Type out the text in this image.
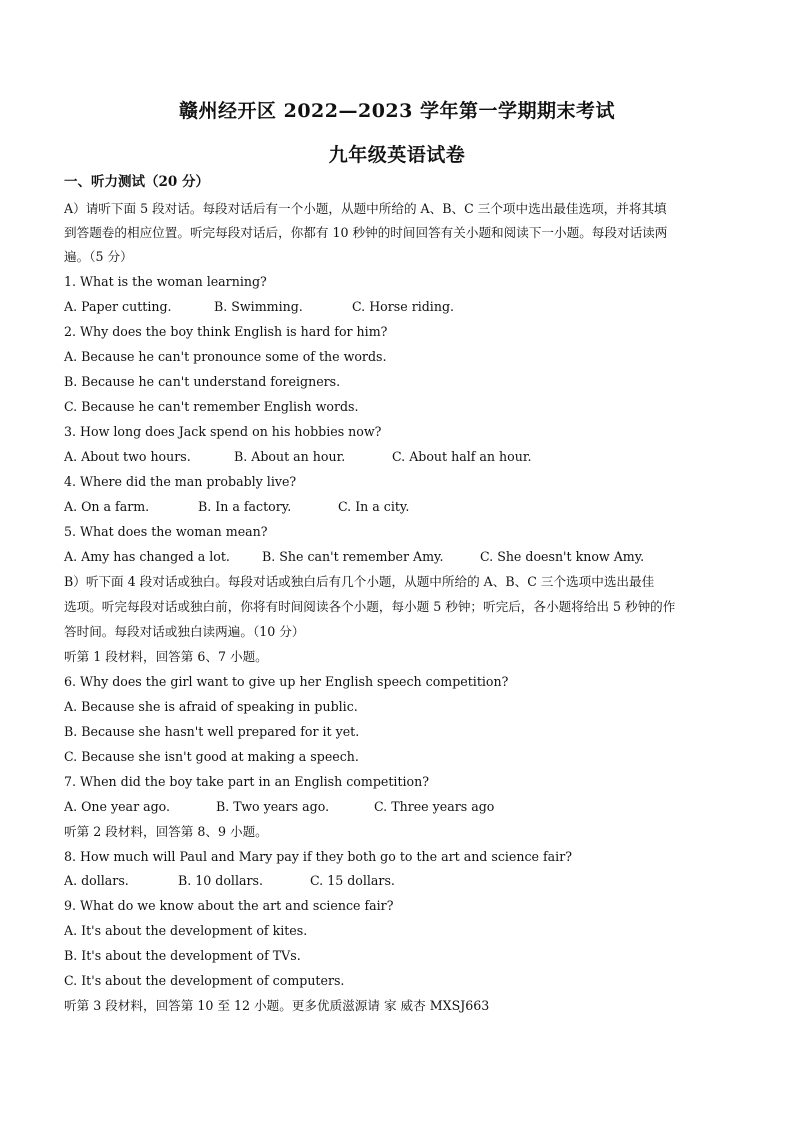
赣州经开区 2022—2023 学年第一学期期末考试
九年级英语试卷
一、听力测试（20 分）
A）请听下面 5 段对话。每段对话后有一个小题，从题中所给的 A、B、C 三个项中选出最佳选项，并将其填
到答题卷的相应位置。听完每段对话后，你都有 10 秒钟的时间回答有关小题和阅读下一小题。每段对话读两
遍。（5 分）
1. What is the woman learning?
A. Paper cutting.	B. Swimming.	C. Horse riding.
2. Why does the boy think English is hard for him?
A. Because he can't pronounce some of the words.
B. Because he can't understand foreigners.
C. Because he can't remember English words.
3. How long does Jack spend on his hobbies now?
A. About two hours.	B. About an hour.	C. About half an hour.
4. Where did the man probably live?
A. On a farm.	B. In a factory.	C. In a city.
5. What does the woman mean?
A. Amy has changed a lot.	B. She can't remember Amy.	C. She doesn't know Amy.
B）听下面 4 段对话或独白。每段对话或独白后有几个小题，从题中所给的 A、B、C 三个选项中选出最佳
选项。听完每段对话或独白前，你将有时间阅读各个小题，每小题 5 秒钟；听完后，各小题将给出 5 秒钟的作
答时间。每段对话或独白读两遍。（10 分）
听第 1 段材料，回答第 6、7 小题。
6. Why does the girl want to give up her English speech competition?
A. Because she is afraid of speaking in public.
B. Because she hasn't well prepared for it yet.
C. Because she isn't good at making a speech.
7. When did the boy take part in an English competition?
A. One year ago.	B. Two years ago.	C. Three years ago
听第 2 段材料，回答第 8、9 小题。
8. How much will Paul and Mary pay if they both go to the art and science fair?
A. dollars.	B. 10 dollars.	C. 15 dollars.
9. What do we know about the art and science fair?
A. It's about the development of kites.
B. It's about the development of TVs.
C. It's about the development of computers.
听第 3 段材料，回答第 10 至 12 小题。更多优质滋源请 家 威杏 MXSJ663
